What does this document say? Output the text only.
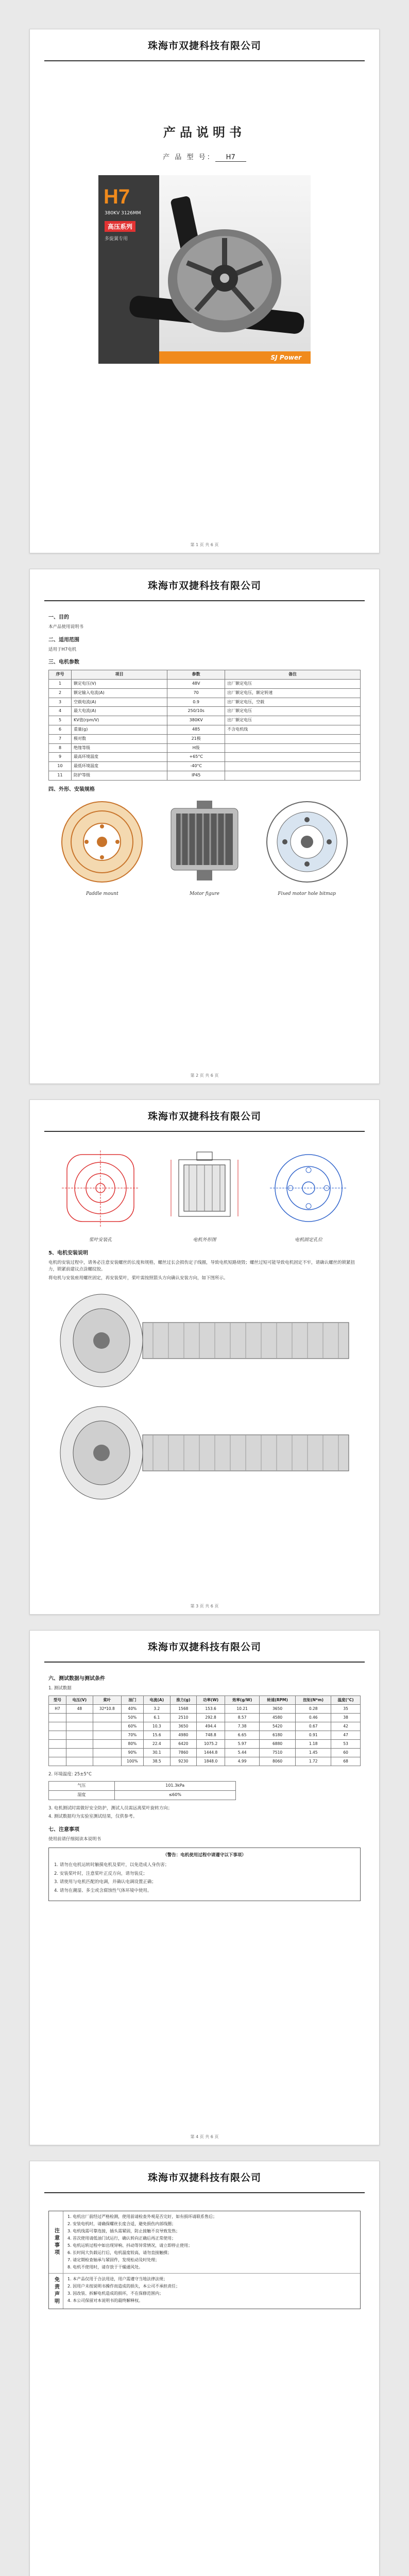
珠海市双捷科技有限公司
产品说明书
产 品 型 号： H7
H7
380KV 3126MM
高压系列
多旋翼专用
SJ Power
第 1 页 共 6 页
珠海市双捷科技有限公司
一、目的
本产品使用说明书
二、适用范围
适用于H7电机
三、电机参数
序号	项目	参数	备注
1	额定电压(V)	48V	出厂额定电压
2	额定输入电流(A)	70	出厂额定电压，额定转速
3	空载电流(A)	0.9	出厂额定电压，空载
4	最大电流(A)	250/10s	出厂额定电压
5	KV值(rpm/V)	380KV	出厂额定电压
6	重量(g)	485	不含电机线
7	极对数	21极	
8	绝缘等级	H级	
9	最高环境温度	+65°C	
10	最低环境温度	-40°C	
11	防护等级	IP45	
四、外形、安装规格
Paddle mount	Motor figure	Fixed motor hole bitmap
第 2 页 共 6 页
珠海市双捷科技有限公司
浆叶安装孔	电机外形图	电机固定孔位
5、电机安装说明
电机的安装过程中，请务必注意安装螺丝的长度和规格，螺丝过长会损伤定子线圈，导致电机短路烧毁；螺丝过短可能导致电机固定不牢，请确认螺丝的锁紧扭力，锁紧前建议点涂螺纹胶。
将电机与安装座用螺丝固定，再安装桨叶，桨叶需按照箭头方向确认安装方向，如下图所示。
第 3 页 共 6 页
珠海市双捷科技有限公司
六、测试数据与测试条件
1. 测试数据
型号	电压(V)	桨叶	油门	电流(A)	推力(g)	功率(W)	效率(g/W)	转速(RPM)	扭矩(N*m)	温度(°C)
H7	48	32*10.8	40%	3.2	1568	153.6	10.21	3650	0.28	35
			50%	6.1	2510	292.8	8.57	4580	0.46	38
			60%	10.3	3650	494.4	7.38	5420	0.67	42
			70%	15.6	4980	748.8	6.65	6180	0.91	47
			80%	22.4	6420	1075.2	5.97	6880	1.18	53
			90%	30.1	7860	1444.8	5.44	7510	1.45	60
			100%	38.5	9230	1848.0	4.99	8060	1.72	68
2. 环境温度: 25±5°C
气压	101.3kPa
湿度	≤60%
3. 电机测试时需做好安全防护，测试人员需远离桨叶旋转方向；
4. 测试数据均为实验室测试结果，仅供参考。
七、注意事项
使用前请仔细阅读本说明书
（警告：电机使用过程中请遵守以下事项）
1. 请勿在电机运转时触摸电机及桨叶，以免造成人身伤害；
2. 安装桨叶时，注意桨叶正反方向，请勿装反；
3. 请使用与电机匹配的电调，并确认电调设置正确；
4. 请勿在潮湿、多尘或含腐蚀性气体环境中使用。
第 4 页 共 6 页
珠海市双捷科技有限公司
注意事项
1. 电机出厂前经过严格检测，使用前请检查外观是否完好，如有损坏请联系售后；
2. 安装电机时，请确保螺丝长度合适，避免损伤内部线圈；
3. 电机线需可靠连接，插头需紧固，防止接触不良导致发热；
4. 首次使用请低油门试运行，确认转向正确后再正常使用；
5. 电机运转过程中如出现异响、抖动等异常情况，请立即停止使用；
6. 长时间大负载运行后，电机温度较高，请勿直接触摸；
7. 请定期检查轴承与紧固件，发现松动及时处理；
8. 电机不使用时，请存放于干燥通风处。
免责声明	1. 本产品仅用于合法用途，用户需遵守当地法律法规；
2. 因用户未按说明书操作而造成的损失，本公司不承担责任；
3. 因改装、拆解电机造成的损坏，不在保修范围内；
4. 本公司保留对本说明书的最终解释权。
